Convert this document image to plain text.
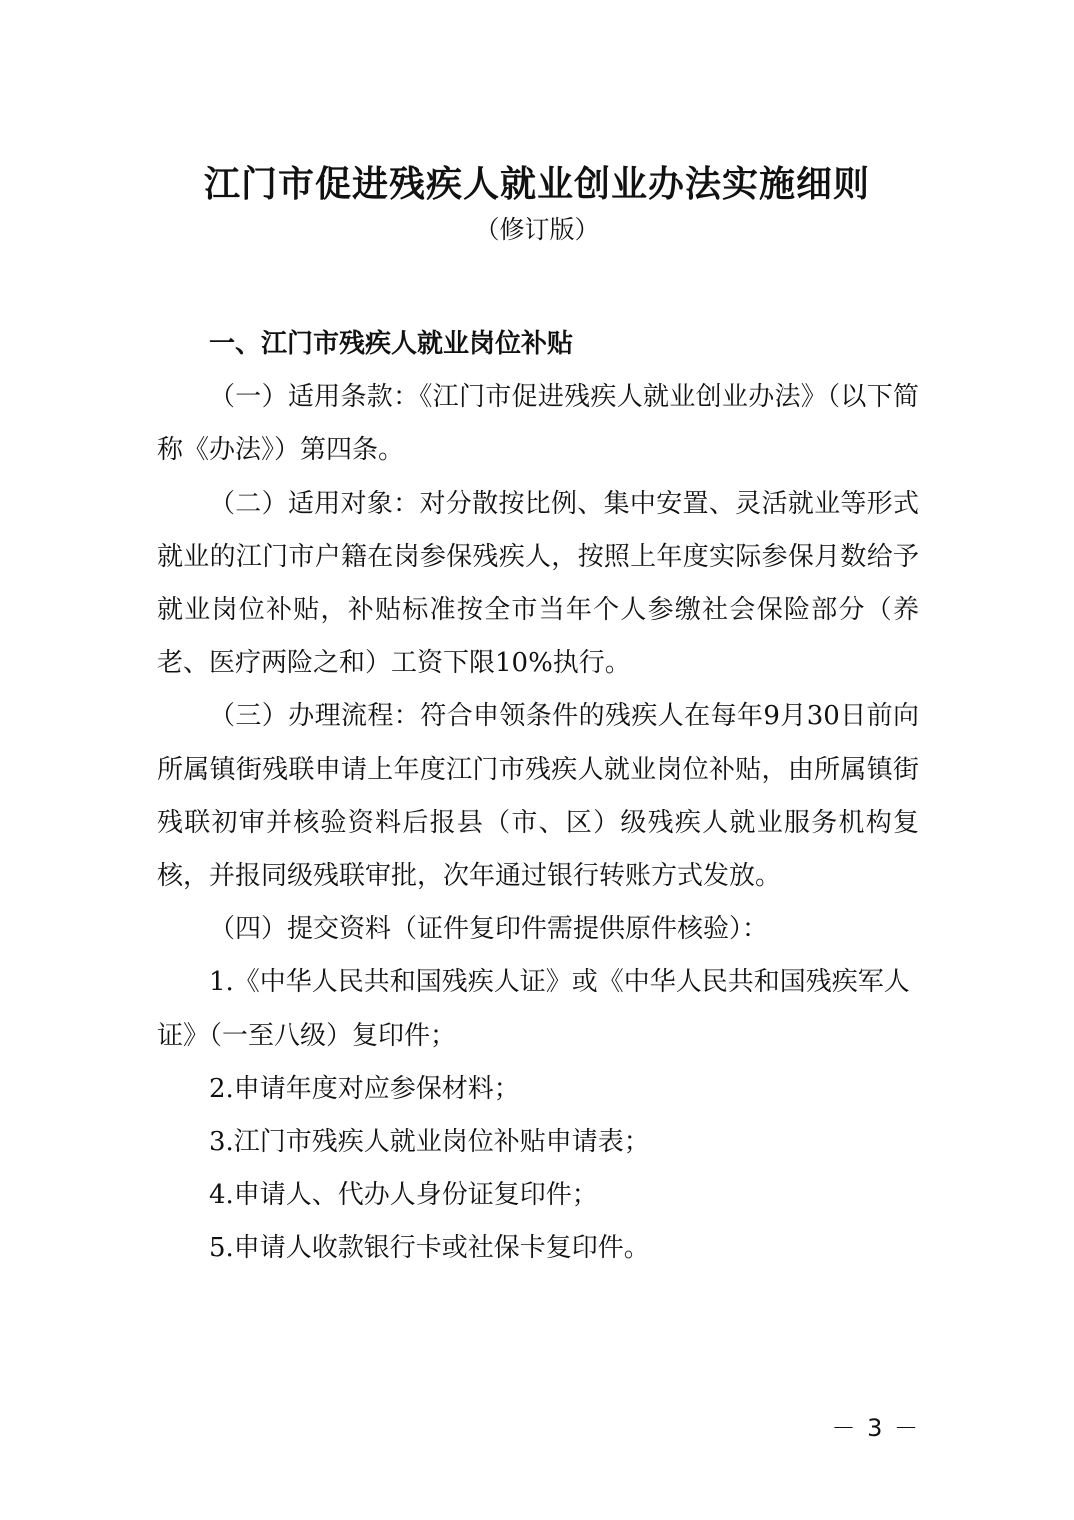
江门市促进残疾人就业创业办法实施细则
（修订版）

一、江门市残疾人就业岗位补贴

（一）适用条款：《江门市促进残疾人就业创业办法》（以下简称《办法》）第四条。

（二）适用对象：对分散按比例、集中安置、灵活就业等形式就业的江门市户籍在岗参保残疾人，按照上年度实际参保月数给予就业岗位补贴，补贴标准按全市当年个人参缴社会保险部分（养老、医疗两险之和）工资下限10%执行。

（三）办理流程：符合申领条件的残疾人在每年9月30日前向所属镇街残联申请上年度江门市残疾人就业岗位补贴，由所属镇街残联初审并核验资料后报县（市、区）级残疾人就业服务机构复核，并报同级残联审批，次年通过银行转账方式发放。

（四）提交资料（证件复印件需提供原件核验）：

1.《中华人民共和国残疾人证》或《中华人民共和国残疾军人证》（一至八级）复印件；

2.申请年度对应参保材料；

3.江门市残疾人就业岗位补贴申请表；

4.申请人、代办人身份证复印件；

5.申请人收款银行卡或社保卡复印件。

－ 3 －
